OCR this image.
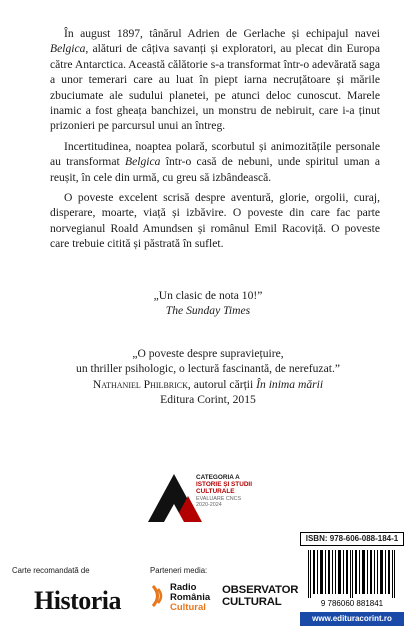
În august 1897, tânărul Adrien de Gerlache și echipajul navei Belgica, alături de câțiva savanți și exploratori, au plecat din Europa către Antarctica. Această călătorie s-a transformat într-o adevărată saga a unor temerari care au luat în piept iarna necruțătoare și mările zbuciumate ale sudului planetei, pe atunci deloc cunoscut. Marele inamic a fost gheața banchizei, un monstru de nebiruit, care i-a ținut prizonieri pe parcursul unui an întreg.

Incertitudinea, noaptea polară, scorbutul și animozitățile personale au transformat Belgica într-o casă de nebuni, unde spiritul uman a reușit, în cele din urmă, cu greu să izbândească.

O poveste excelent scrisă despre aventură, glorie, orgolii, curaj, disperare, moarte, viață și izbăvire. O poveste din care fac parte norvegianul Roald Amundsen și românul Emil Racoviță. O poveste care trebuie citită și păstrată în suflet.

„Un clasic de nota 10!”
The Sunday Times
„O poveste despre supraviețuire,
un thriller psihologic, o lectură fascinantă, de nerefuzat.”
Nathaniel Philbrick, autorul cărții În inima mării
Editura Corint, 2015
CATEGORIA A
ISTORIE ȘI STUDII
CULTURALE
EVALUARE CNCS
2020-2024
ISBN: 978-606-088-184-1
9 786060 881841
www.edituracorint.ro
Carte recomandată de
Historia
Parteneri media:
Radio
România
Cultural
OBSERVATOR
CULTURAL
